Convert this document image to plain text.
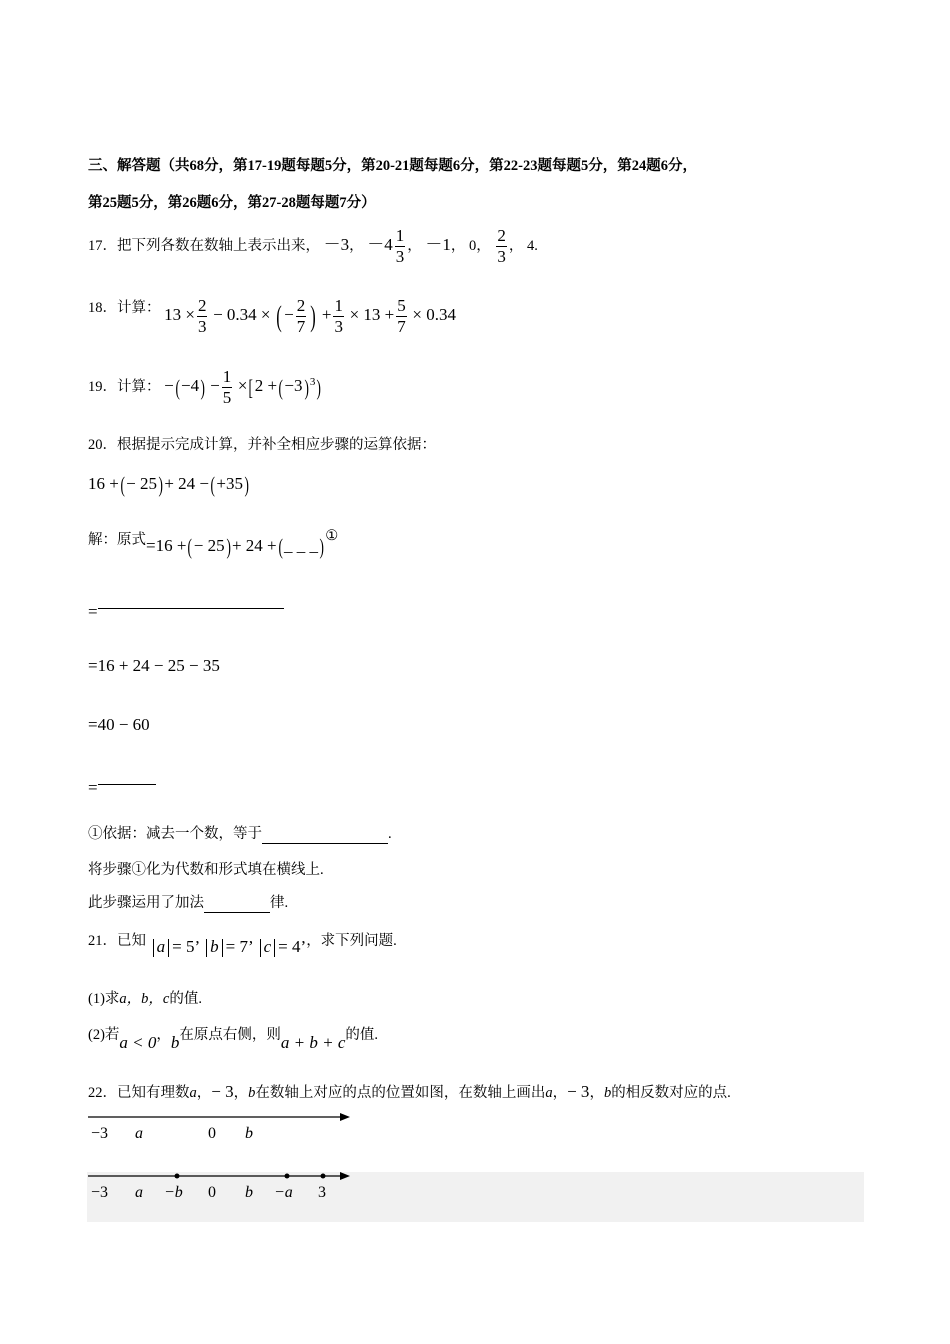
三、解答题（共68分，第17-19题每题5分，第20-21题每题6分，第22-23题每题5分，第24题6分，
第25题5分，第26题6分，第27-28题每题7分）
17．把下列各数在数轴上表示出来， －3， $-4 \frac{1}{3}$ ， －1， 0， $\frac{2}{3}$ ， 4.
18．计算： $13 \times \frac{2}{3} - 0.34$ × ( − $\frac{2}{7}$ ) + $\frac{1}{3} \times 13 + \frac{5}{7} \times 0.34$
19．计算： $-(-4) - \frac{1}{5} \times[2 +(-3)^3)$
20．根据提示完成计算，并补全相应步骤的运算依据：
16 +(− 25)+ 24 −(+35)
解：原式=16 +(− 25)+ 24 +(_ _ _)①
=
=16 + 24 − 25 − 35
=40 − 60
=
①依据：减去一个数，等于	.
将步骤①化为代数和形式填在横线上.
此步骤运用了加法	律.
21．已知 a = 5’ b = 7’ c = 4’，求下列问题.
(1)求a，b，c的值.
(2)若a < 0，b在原点右侧，则a + b + c的值.
22．已知有理数a，− 3，b在数轴上对应的点的位置如图，在数轴上画出a，− 3，b的相反数对应的点.
−3 a	0 b
−3 a −b 0 b −a 3
